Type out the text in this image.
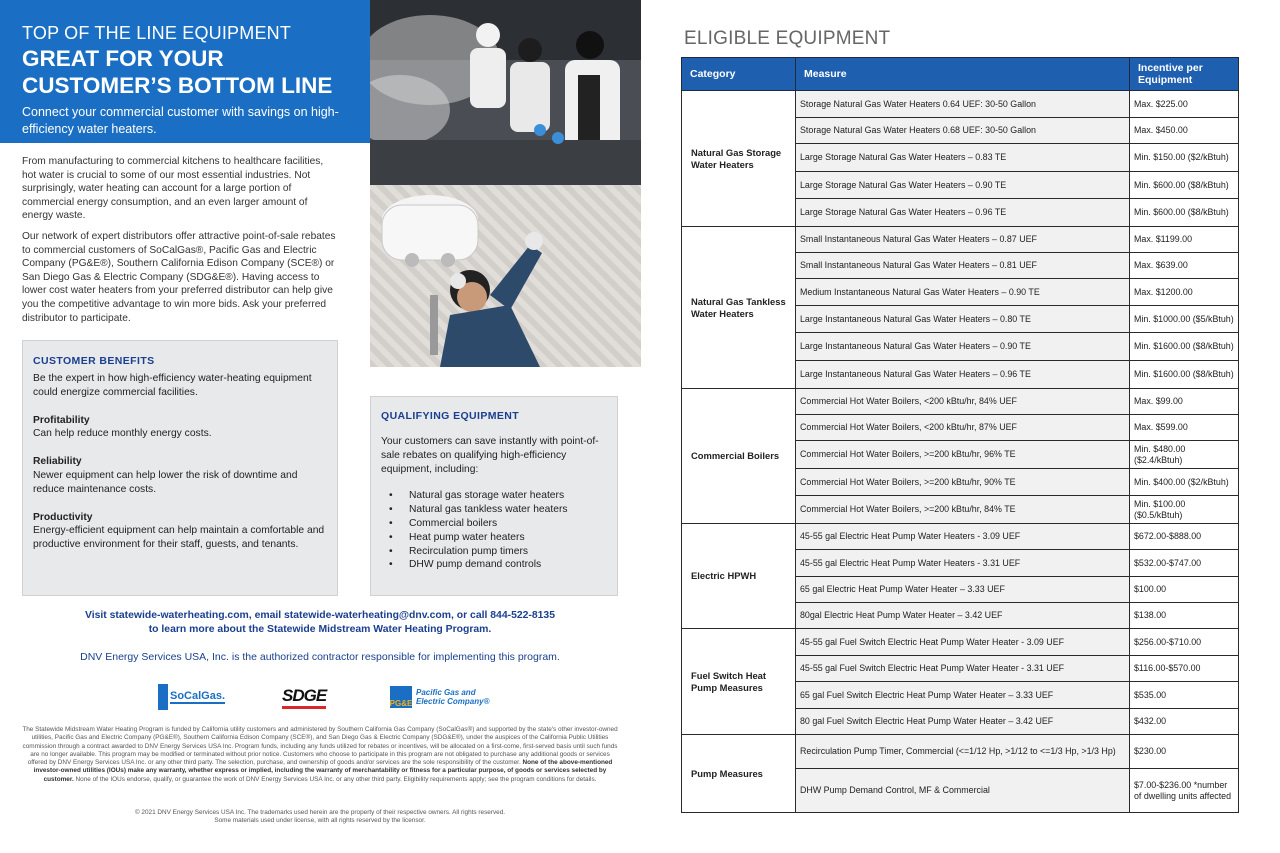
TOP OF THE LINE EQUIPMENT
GREAT FOR YOUR
CUSTOMER’S BOTTOM LINE
Connect your commercial customer with savings on high-efficiency water heaters.

From manufacturing to commercial kitchens to healthcare facilities, hot water is crucial to some of our most essential industries. Not surprisingly, water heating can account for a large portion of commercial energy consumption, and an even larger amount of energy waste.

Our network of expert distributors offer attractive point-of-sale rebates to commercial customers of SoCalGas®, Pacific Gas and Electric Company (PG&E®), Southern California Edison Company (SCE®) or San Diego Gas & Electric Company (SDG&E®). Having access to lower cost water heaters from your preferred distributor can help give you the competitive advantage to win more bids. Ask your preferred distributor to participate.

CUSTOMER BENEFITS
Be the expert in how high-efficiency water-heating equipment could energize commercial facilities.
Profitability
Can help reduce monthly energy costs.
Reliability
Newer equipment can help lower the risk of downtime and reduce maintenance costs.
Productivity
Energy-efficient equipment can help maintain a comfortable and productive environment for their staff, guests, and tenants.
QUALIFYING EQUIPMENT
Your customers can save instantly with point-of-sale rebates on qualifying high-efficiency equipment, including:
• Natural gas storage water heaters
• Natural gas tankless water heaters
• Commercial boilers
• Heat pump water heaters
• Recirculation pump timers
• DHW pump demand controls
Visit statewide-waterheating.com, email statewide-waterheating@dnv.com, or call 844-522-8135
to learn more about the Statewide Midstream Water Heating Program.
DNV Energy Services USA, Inc. is the authorized contractor responsible for implementing this program.
SoCalGas.	SDGE	PG&E
Pacific Gas and
Electric Company®
The Statewide Midstream Water Heating Program is funded by California utility customers and administered by Southern California Gas Company (SoCalGas®) and supported by the state's other investor-owned utilities, Pacific Gas and Electric Company (PG&E®), Southern California Edison Company (SCE®), and San Diego Gas & Electric Company (SDG&E®), under the auspices of the California Public Utilities commission through a contract awarded to DNV Energy Services USA Inc. Program funds, including any funds utilized for rebates or incentives, will be allocated on a first-come, first-served basis until such funds are no longer available. This program may be modified or terminated without prior notice. Customers who choose to participate in this program are not obligated to purchase any additional goods or services offered by DNV Energy Services USA Inc. or any other third party. The selection, purchase, and ownership of goods and/or services are the sole responsibility of the customer. None of the above-mentioned investor-owned utilities (IOUs) make any warranty, whether express or implied, including the warranty of merchantability or fitness for a particular purpose, of goods or services selected by customer. None of the IOUs endorse, qualify, or guarantee the work of DNV Energy Services USA Inc. or any other third party. Eligibility requirements apply; see the program conditions for details.
© 2021 DNV Energy Services USA Inc. The trademarks used herein are the property of their respective owners. All rights reserved.
Some materials used under license, with all rights reserved by the licensor.
ELIGIBLE EQUIPMENT
Category	Measure	Incentive per Equipment
Natural Gas Storage Water Heaters	Storage Natural Gas Water Heaters 0.64 UEF: 30-50 Gallon	Max. $225.00
	Storage Natural Gas Water Heaters 0.68 UEF: 30-50 Gallon	Max. $450.00
	Large Storage Natural Gas Water Heaters – 0.83 TE	Min. $150.00 ($2/kBtuh)
	Large Storage Natural Gas Water Heaters – 0.90 TE	Min. $600.00 ($8/kBtuh)
	Large Storage Natural Gas Water Heaters – 0.96 TE	Min. $600.00 ($8/kBtuh)
Natural Gas Tankless Water Heaters	Small Instantaneous Natural Gas Water Heaters – 0.87 UEF	Max. $1199.00
	Small Instantaneous Natural Gas Water Heaters – 0.81 UEF	Max. $639.00
	Medium Instantaneous Natural Gas Water Heaters – 0.90 TE	Max. $1200.00
	Large Instantaneous Natural Gas Water Heaters – 0.80 TE	Min. $1000.00 ($5/kBtuh)
	Large Instantaneous Natural Gas Water Heaters – 0.90 TE	Min. $1600.00 ($8/kBtuh)
	Large Instantaneous Natural Gas Water Heaters – 0.96 TE	Min. $1600.00 ($8/kBtuh)
Commercial Boilers	Commercial Hot Water Boilers, <200 kBtu/hr, 84% UEF	Max. $99.00
	Commercial Hot Water Boilers, <200 kBtu/hr, 87% UEF	Max. $599.00
	Commercial Hot Water Boilers, >=200 kBtu/hr, 96% TE	Min. $480.00 ($2.4/kBtuh)
	Commercial Hot Water Boilers, >=200 kBtu/hr, 90% TE	Min. $400.00 ($2/kBtuh)
	Commercial Hot Water Boilers, >=200 kBtu/hr, 84% TE	Min. $100.00 ($0.5/kBtuh)
Electric HPWH	45-55 gal Electric Heat Pump Water Heaters - 3.09 UEF	$672.00-$888.00
	45-55 gal Electric Heat Pump Water Heaters - 3.31 UEF	$532.00-$747.00
	65 gal Electric Heat Pump Water Heater – 3.33 UEF	$100.00
	80gal Electric Heat Pump Water Heater – 3.42 UEF	$138.00
Fuel Switch Heat Pump Measures	45-55 gal Fuel Switch Electric Heat Pump Water Heater - 3.09 UEF	$256.00-$710.00
	45-55 gal Fuel Switch Electric Heat Pump Water Heater - 3.31 UEF	$116.00-$570.00
	65 gal Fuel Switch Electric Heat Pump Water Heater – 3.33 UEF	$535.00
	80 gal Fuel Switch Electric Heat Pump Water Heater – 3.42 UEF	$432.00
Pump Measures	Recirculation Pump Timer, Commercial (<=1/12 Hp, >1/12 to <=1/3 Hp, >1/3 Hp)	$230.00
	DHW Pump Demand Control, MF & Commercial	$7.00-$236.00 *number of dwelling units affected
